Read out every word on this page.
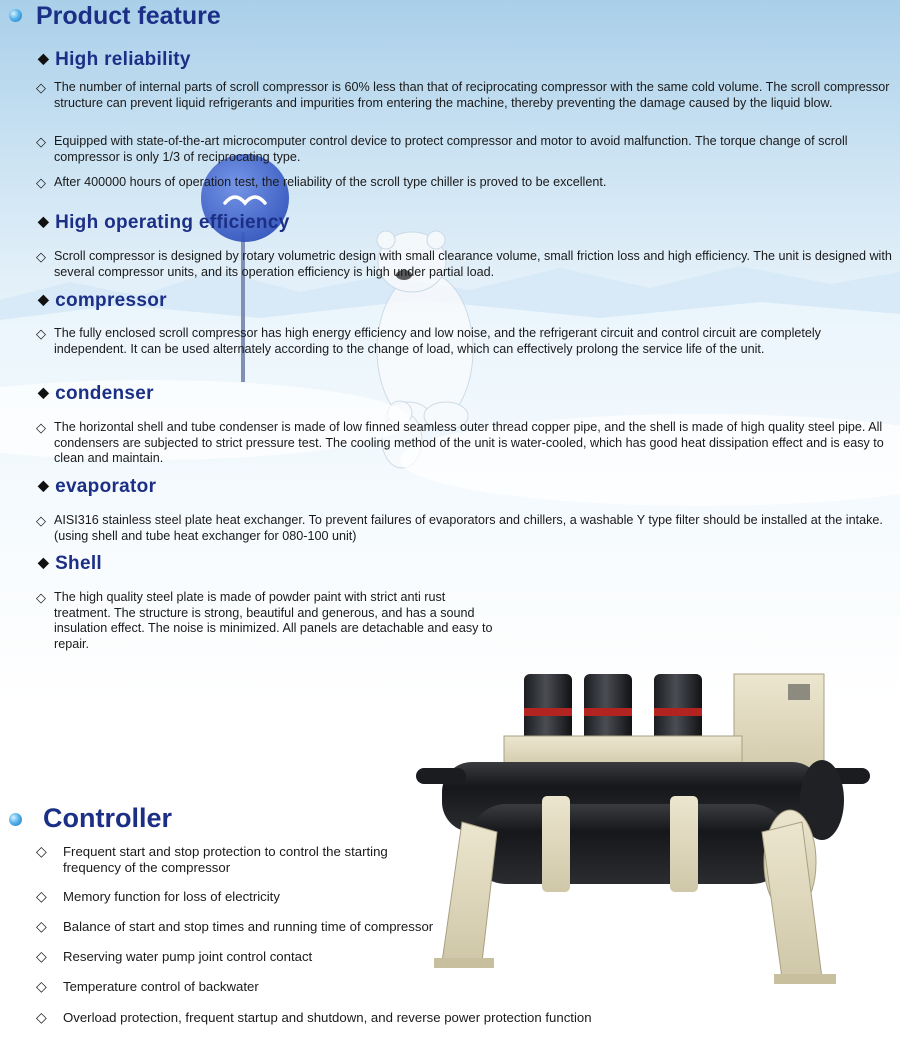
Product feature
◆ High reliability

◇ The number of internal parts of scroll compressor is 60% less than that of reciprocating compressor with the same cold volume. The scroll compressor structure can prevent liquid refrigerants and impurities from entering the machine, thereby preventing the damage caused by the liquid blow.

◇ Equipped with state-of-the-art microcomputer control device to protect compressor and motor to avoid malfunction. The torque change of scroll compressor is only 1/3 of reciprocating type.

◇ After 400000 hours of operation test, the reliability of the scroll type chiller is proved to be excellent.

◆ High operating efficiency

◇ Scroll compressor is designed by rotary volumetric design with small clearance volume, small friction loss and high efficiency. The unit is designed with several compressor units, and its operation efficiency is high under partial load.

◆ compressor

◇ The fully enclosed scroll compressor has high energy efficiency and low noise, and the refrigerant circuit and control circuit are completely independent. It can be used alternately according to the change of load, which can effectively prolong the service life of the unit.

◆ condenser

◇ The horizontal shell and tube condenser is made of low finned seamless outer thread copper pipe, and the shell is made of high quality steel pipe. All condensers are subjected to strict pressure test. The cooling method of the unit is water-cooled, which has good heat dissipation effect and is easy to clean and maintain.

◆ evaporator

◇ AISI316 stainless steel plate heat exchanger. To prevent failures of evaporators and chillers, a washable Y type filter should be installed at the intake. (using shell and tube heat exchanger for 080-100 unit)

◆ Shell

◇ The high quality steel plate is made of powder paint with strict anti rust treatment. The structure is strong, beautiful and generous, and has a sound insulation effect. The noise is minimized. All panels are detachable and easy to repair.

Controller

◇	Frequent start and stop protection to control the starting frequency of the compressor

◇	Memory function for loss of electricity

◇	Balance of start and stop times and running time of compressor

◇	Reserving water pump joint control contact

◇	Temperature control of backwater

◇	Overload protection, frequent startup and shutdown, and reverse power protection function
